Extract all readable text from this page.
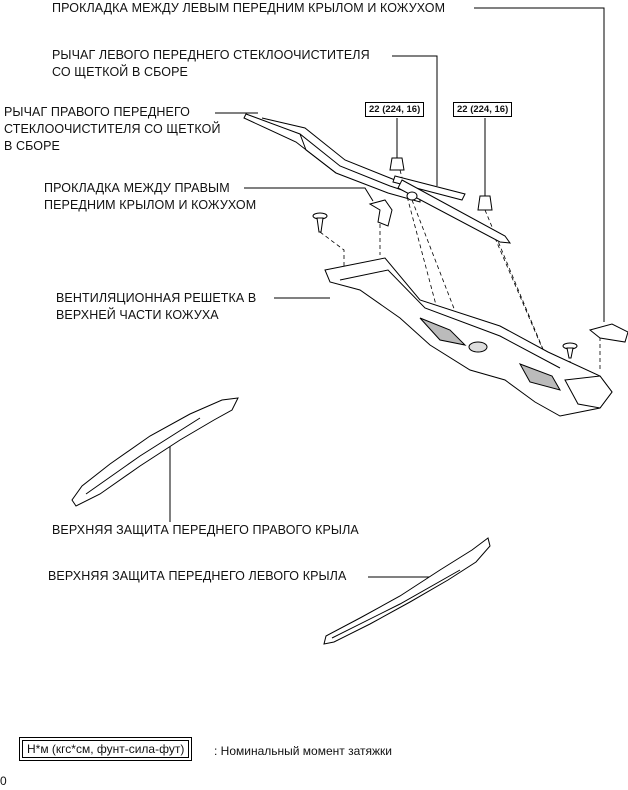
ПРОКЛАДКА МЕЖДУ ЛЕВЫМ ПЕРЕДНИМ КРЫЛОМ И КОЖУХОМ
РЫЧАГ ЛЕВОГО ПЕРЕДНЕГО СТЕКЛООЧИСТИТЕЛЯ
СО ЩЕТКОЙ В СБОРЕ
РЫЧАГ ПРАВОГО ПЕРЕДНЕГО
СТЕКЛООЧИСТИТЕЛЯ СО ЩЕТКОЙ
В СБОРЕ
ПРОКЛАДКА МЕЖДУ ПРАВЫМ
ПЕРЕДНИМ КРЫЛОМ И КОЖУХОМ
ВЕНТИЛЯЦИОННАЯ РЕШЕТКА В
ВЕРХНЕЙ ЧАСТИ КОЖУХА
ВЕРХНЯЯ ЗАЩИТА ПЕРЕДНЕГО ПРАВОГО КРЫЛА
ВЕРХНЯЯ ЗАЩИТА ПЕРЕДНЕГО ЛЕВОГО КРЫЛА
22 (224, 16)	22 (224, 16)
Н*м (кгс*см, фунт-сила-фут)	: Номинальный момент затяжки
0
